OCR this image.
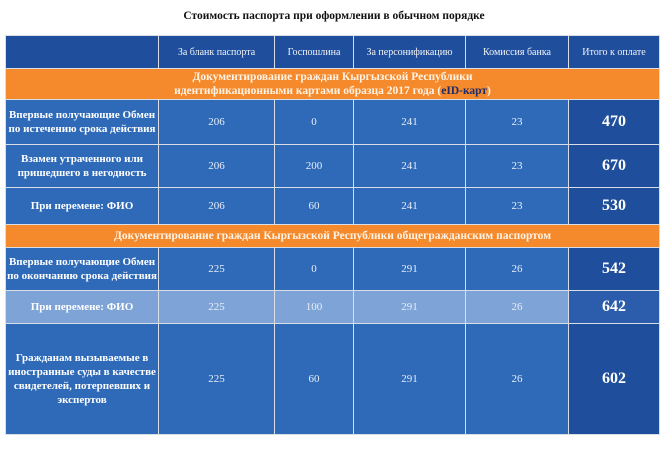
Стоимость паспорта при оформлении в обычном порядке
	За бланк паспорта	Госпошлина	За персонификацию	Комиссия банка	Итого к оплате
Документирование граждан Кыргызской Республики
идентификационными картами образца 2017 года (eID-карт)					
Впервые получающие Обмен по истечению срока действия	206	0	241	23	470
Взамен утраченного или пришедшего в негодность	206	200	241	23	670
При перемене: ФИО	206	60	241	23	530
Документирование граждан Кыргызской Республики общегражданским паспортом					
Впервые получающие Обмен по окончанию срока действия	225	0	291	26	542
При перемене: ФИО	225	100	291	26	642
Гражданам вызываемые в иностранные суды в качестве свидетелей, потерпевших и экспертов	225	60	291	26	602
